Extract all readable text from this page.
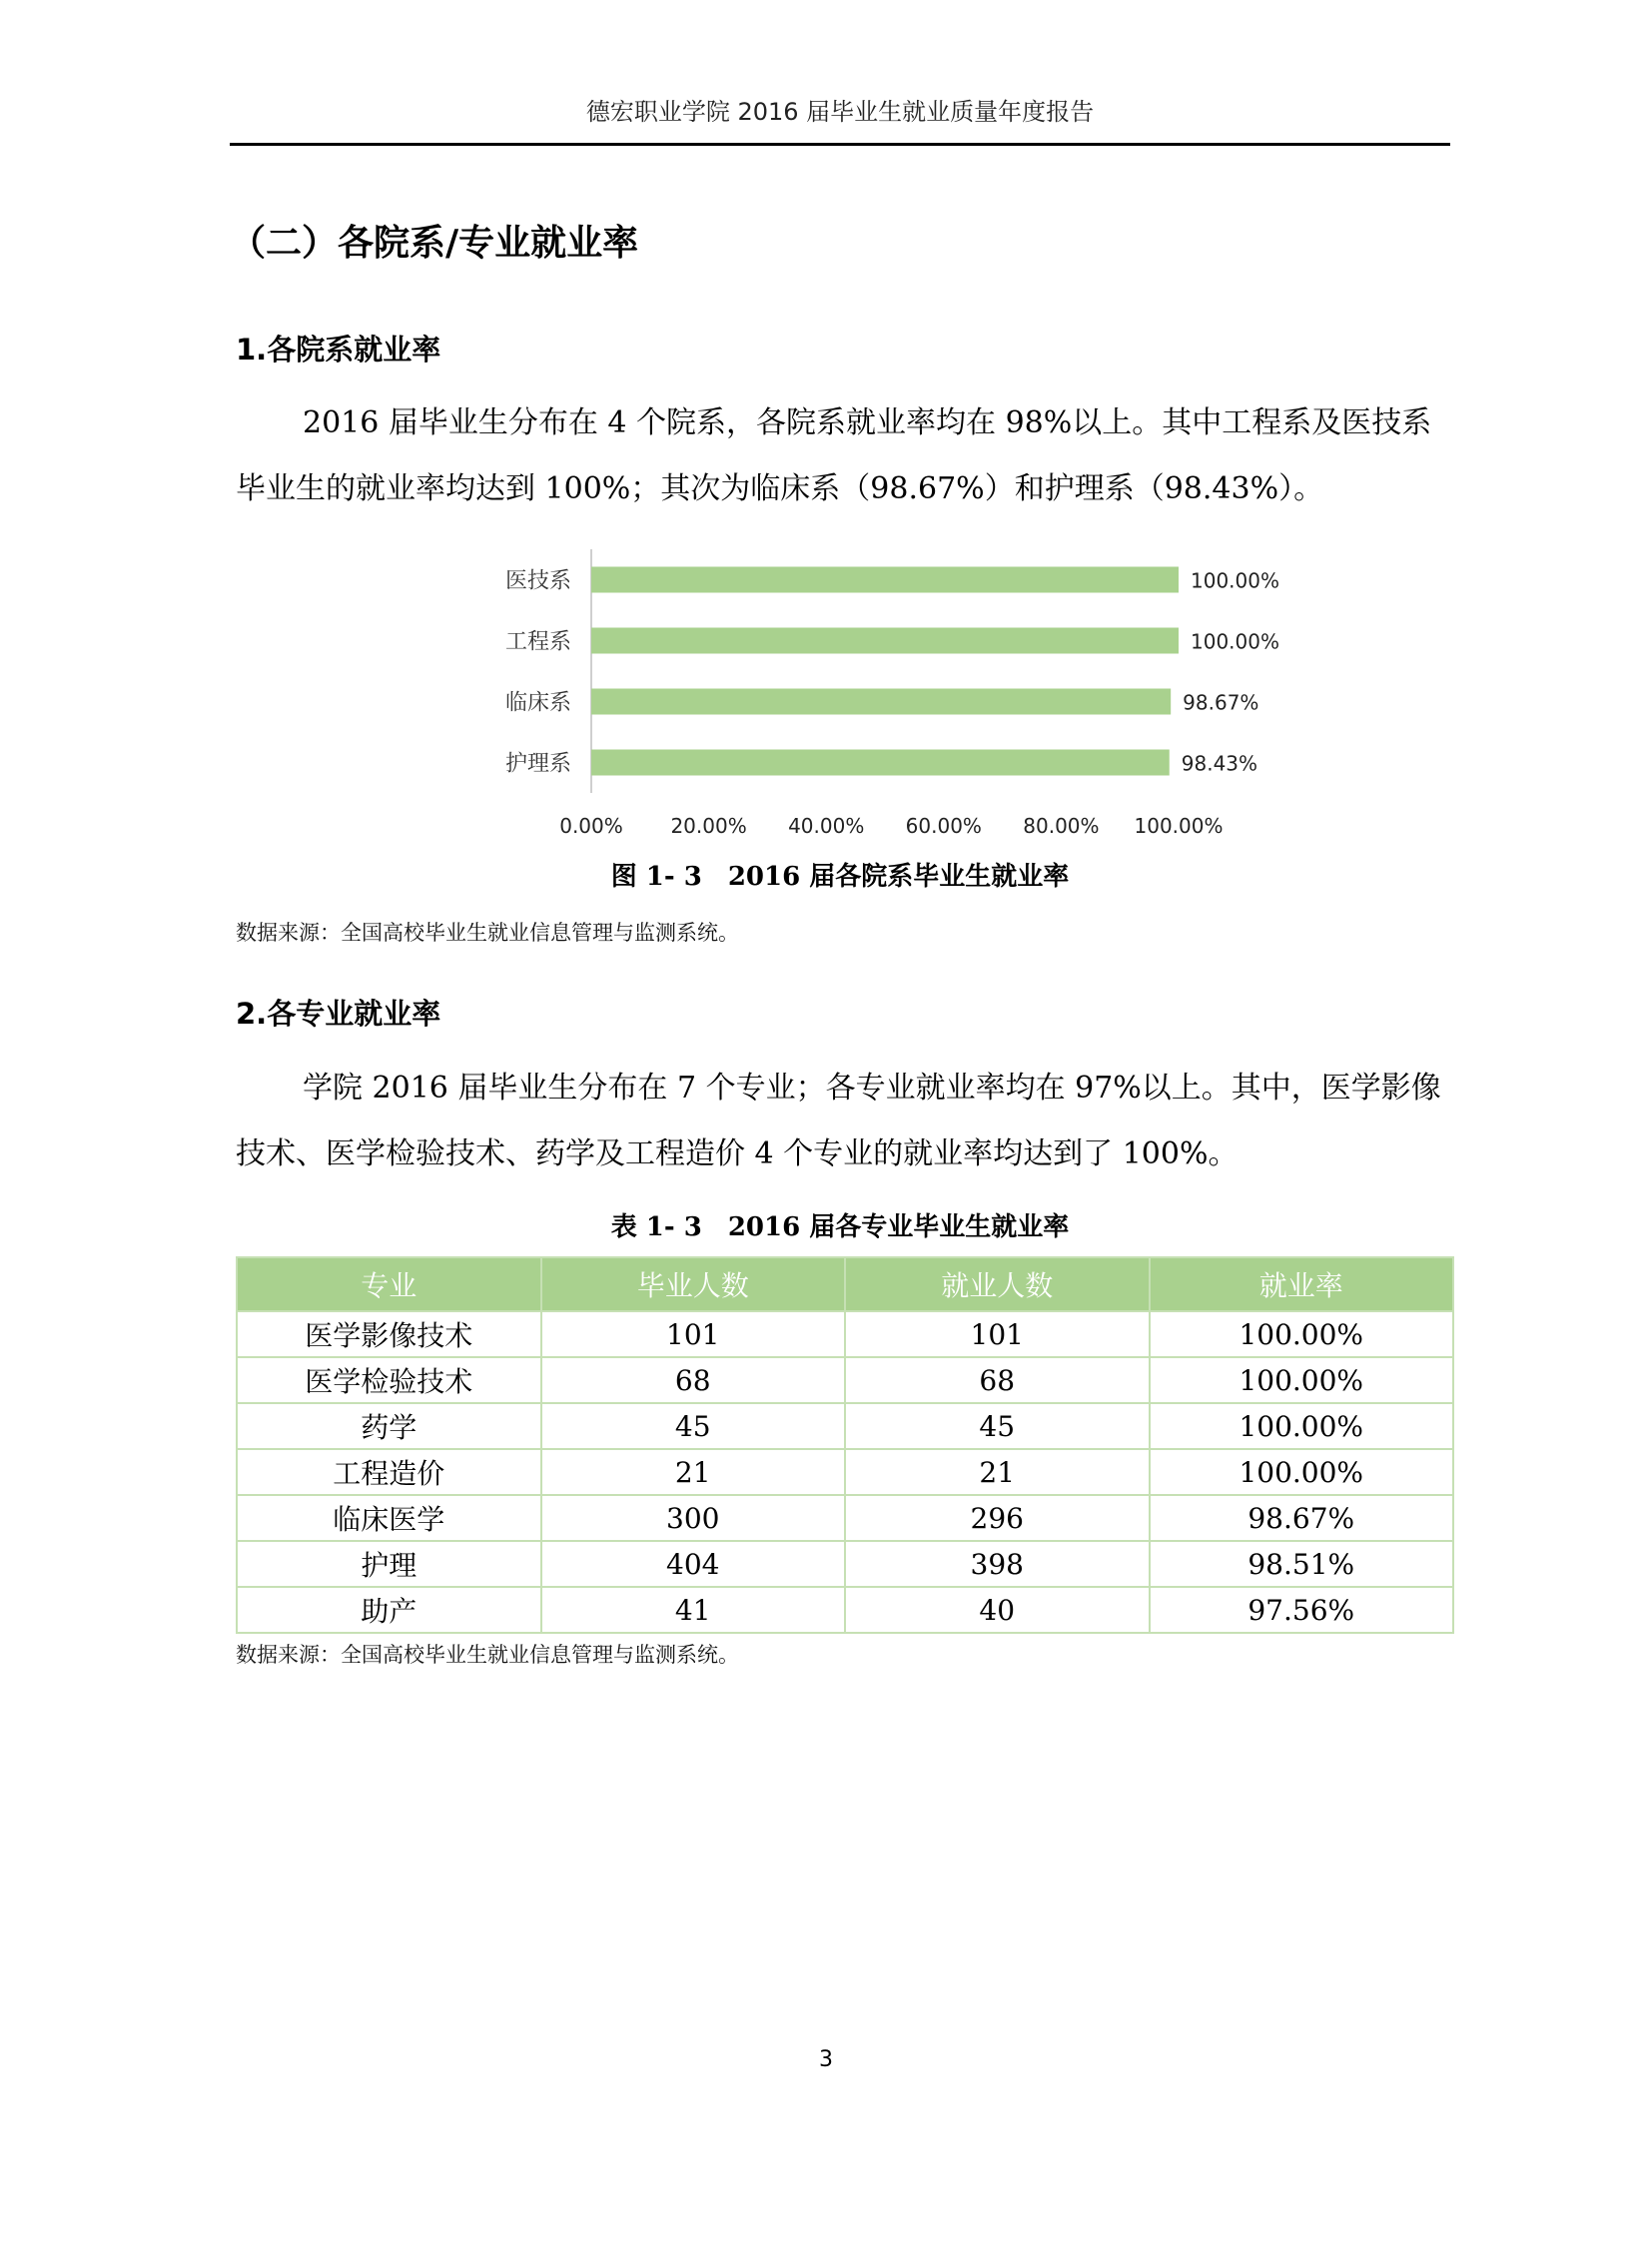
德宏职业学院 2016 届毕业生就业质量年度报告
（二）各院系/专业就业率
1.各院系就业率

2016 届毕业生分布在 4 个院系，各院系就业率均在 98%以上。其中工程系及医技系毕业生的就业率均达到 100%；其次为临床系（98.67%）和护理系（98.43%）。

医技系	100.00%
工程系	100.00%
临床系	98.67%
护理系	98.43%
0.00% 20.00% 40.00% 60.00% 80.00% 100.00%
图 1- 3　2016 届各院系毕业生就业率
数据来源：全国高校毕业生就业信息管理与监测系统。
2.各专业就业率

学院 2016 届毕业生分布在 7 个专业；各专业就业率均在 97%以上。其中，医学影像技术、医学检验技术、药学及工程造价 4 个专业的就业率均达到了 100%。

表 1- 3　2016 届各专业毕业生就业率
专业	毕业人数	就业人数	就业率
医学影像技术	101	101	100.00%
医学检验技术	68	68	100.00%
药学	45	45	100.00%
工程造价	21	21	100.00%
临床医学	300	296	98.67%
护理	404	398	98.51%
助产	41	40	97.56%
数据来源：全国高校毕业生就业信息管理与监测系统。
3
